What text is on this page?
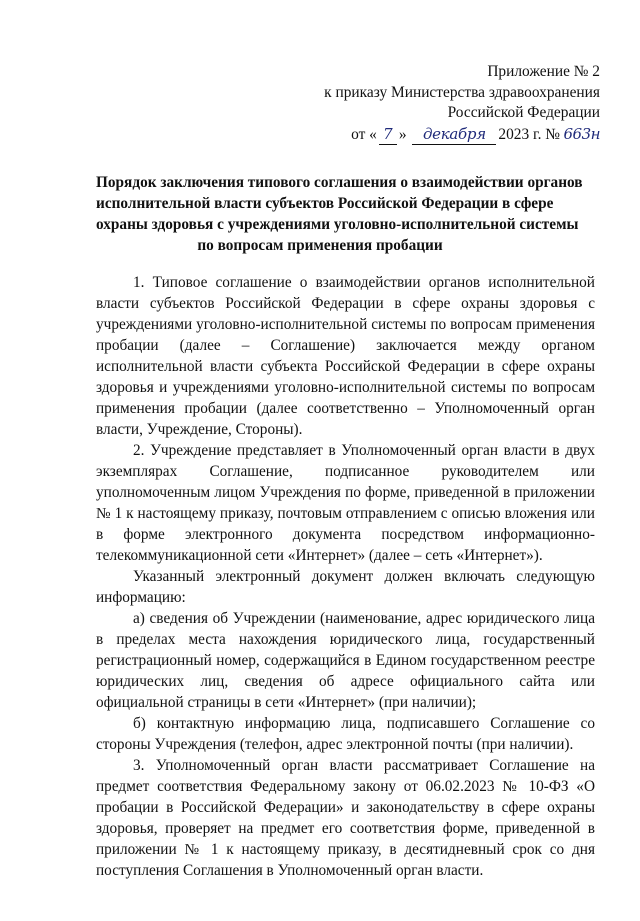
Приложение № 2
к приказу Министерства здравоохранения
Российской Федерации
от « 7 » декабря 2023 г. № 663н
Порядок заключения типового соглашения о взаимодействии органов
исполнительной власти субъектов Российской Федерации в сфере
охраны здоровья с учреждениями уголовно-исполнительной системы
по вопросам применения пробации

1. Типовое соглашение о взаимодействии органов исполнительной власти субъектов Российской Федерации в сфере охраны здоровья с учреждениями уголовно-исполнительной системы по вопросам применения пробации (далее – Соглашение) заключается между органом исполнительной власти субъекта Российской Федерации в сфере охраны здоровья и учреждениями уголовно-исполнительной системы по вопросам применения пробации (далее соответственно – Уполномоченный орган власти, Учреждение, Стороны).

2. Учреждение представляет в Уполномоченный орган власти в двух экземплярах Соглашение, подписанное руководителем или уполномоченным лицом Учреждения по форме, приведенной в приложении № 1 к настоящему приказу, почтовым отправлением с описью вложения или в форме электронного документа посредством информационно-телекоммуникационной сети «Интернет» (далее – сеть «Интернет»).

Указанный электронный документ должен включать следующую информацию:

а) сведения об Учреждении (наименование, адрес юридического лица в пределах места нахождения юридического лица, государственный регистрационный номер, содержащийся в Едином государственном реестре юридических лиц, сведения об адресе официального сайта или официальной страницы в сети «Интернет» (при наличии);

б) контактную информацию лица, подписавшего Соглашение со стороны Учреждения (телефон, адрес электронной почты (при наличии).

3. Уполномоченный орган власти рассматривает Соглашение на предмет соответствия Федеральному закону от 06.02.2023 № 10-ФЗ «О пробации в Российской Федерации» и законодательству в сфере охраны здоровья, проверяет на предмет его соответствия форме, приведенной в приложении № 1 к настоящему приказу, в десятидневный срок со дня поступления Соглашения в Уполномоченный орган власти.
